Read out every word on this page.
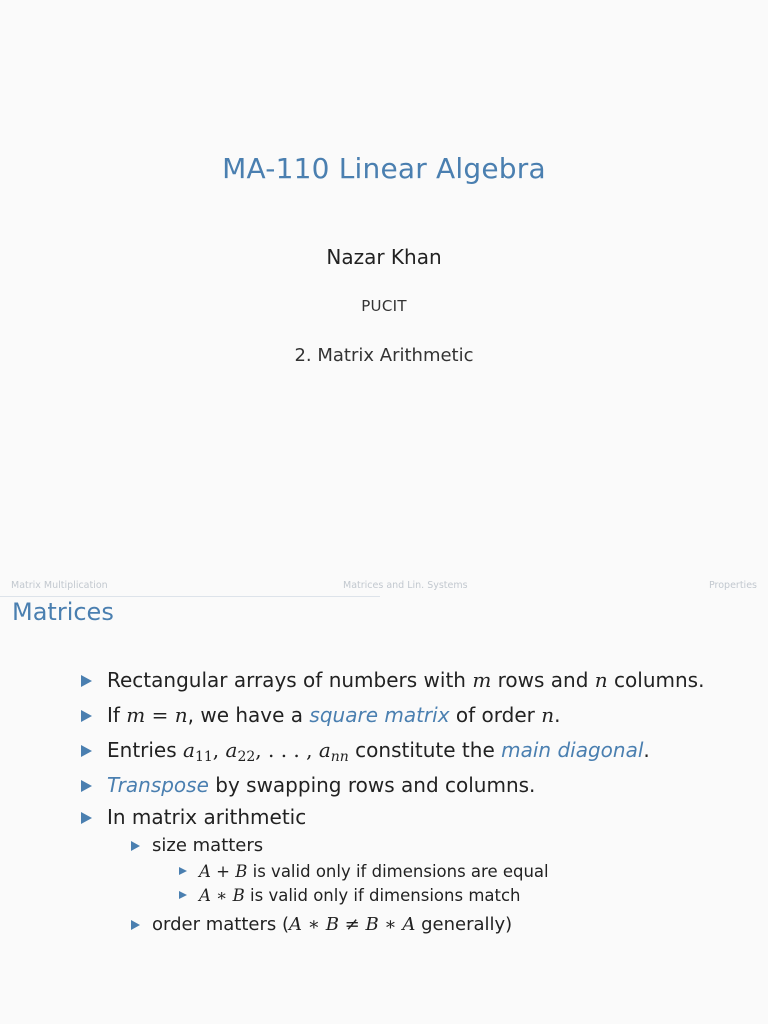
MA-110 Linear Algebra
Nazar Khan
PUCIT
2. Matrix Arithmetic
Matrix Multiplication	Matrices and Lin. Systems	Properties
Matrices
Rectangular arrays of numbers with m rows and n columns.
If m = n, we have a square matrix of order n.
Entries $a_{11}$, $a_{22}$, . . . , $a_{nn}$ constitute the main diagonal.
Transpose by swapping rows and columns.
In matrix arithmetic
size matters
A + B is valid only if dimensions are equal
A ∗ B is valid only if dimensions match
order matters (A ∗ B ≠ B ∗ A generally)
